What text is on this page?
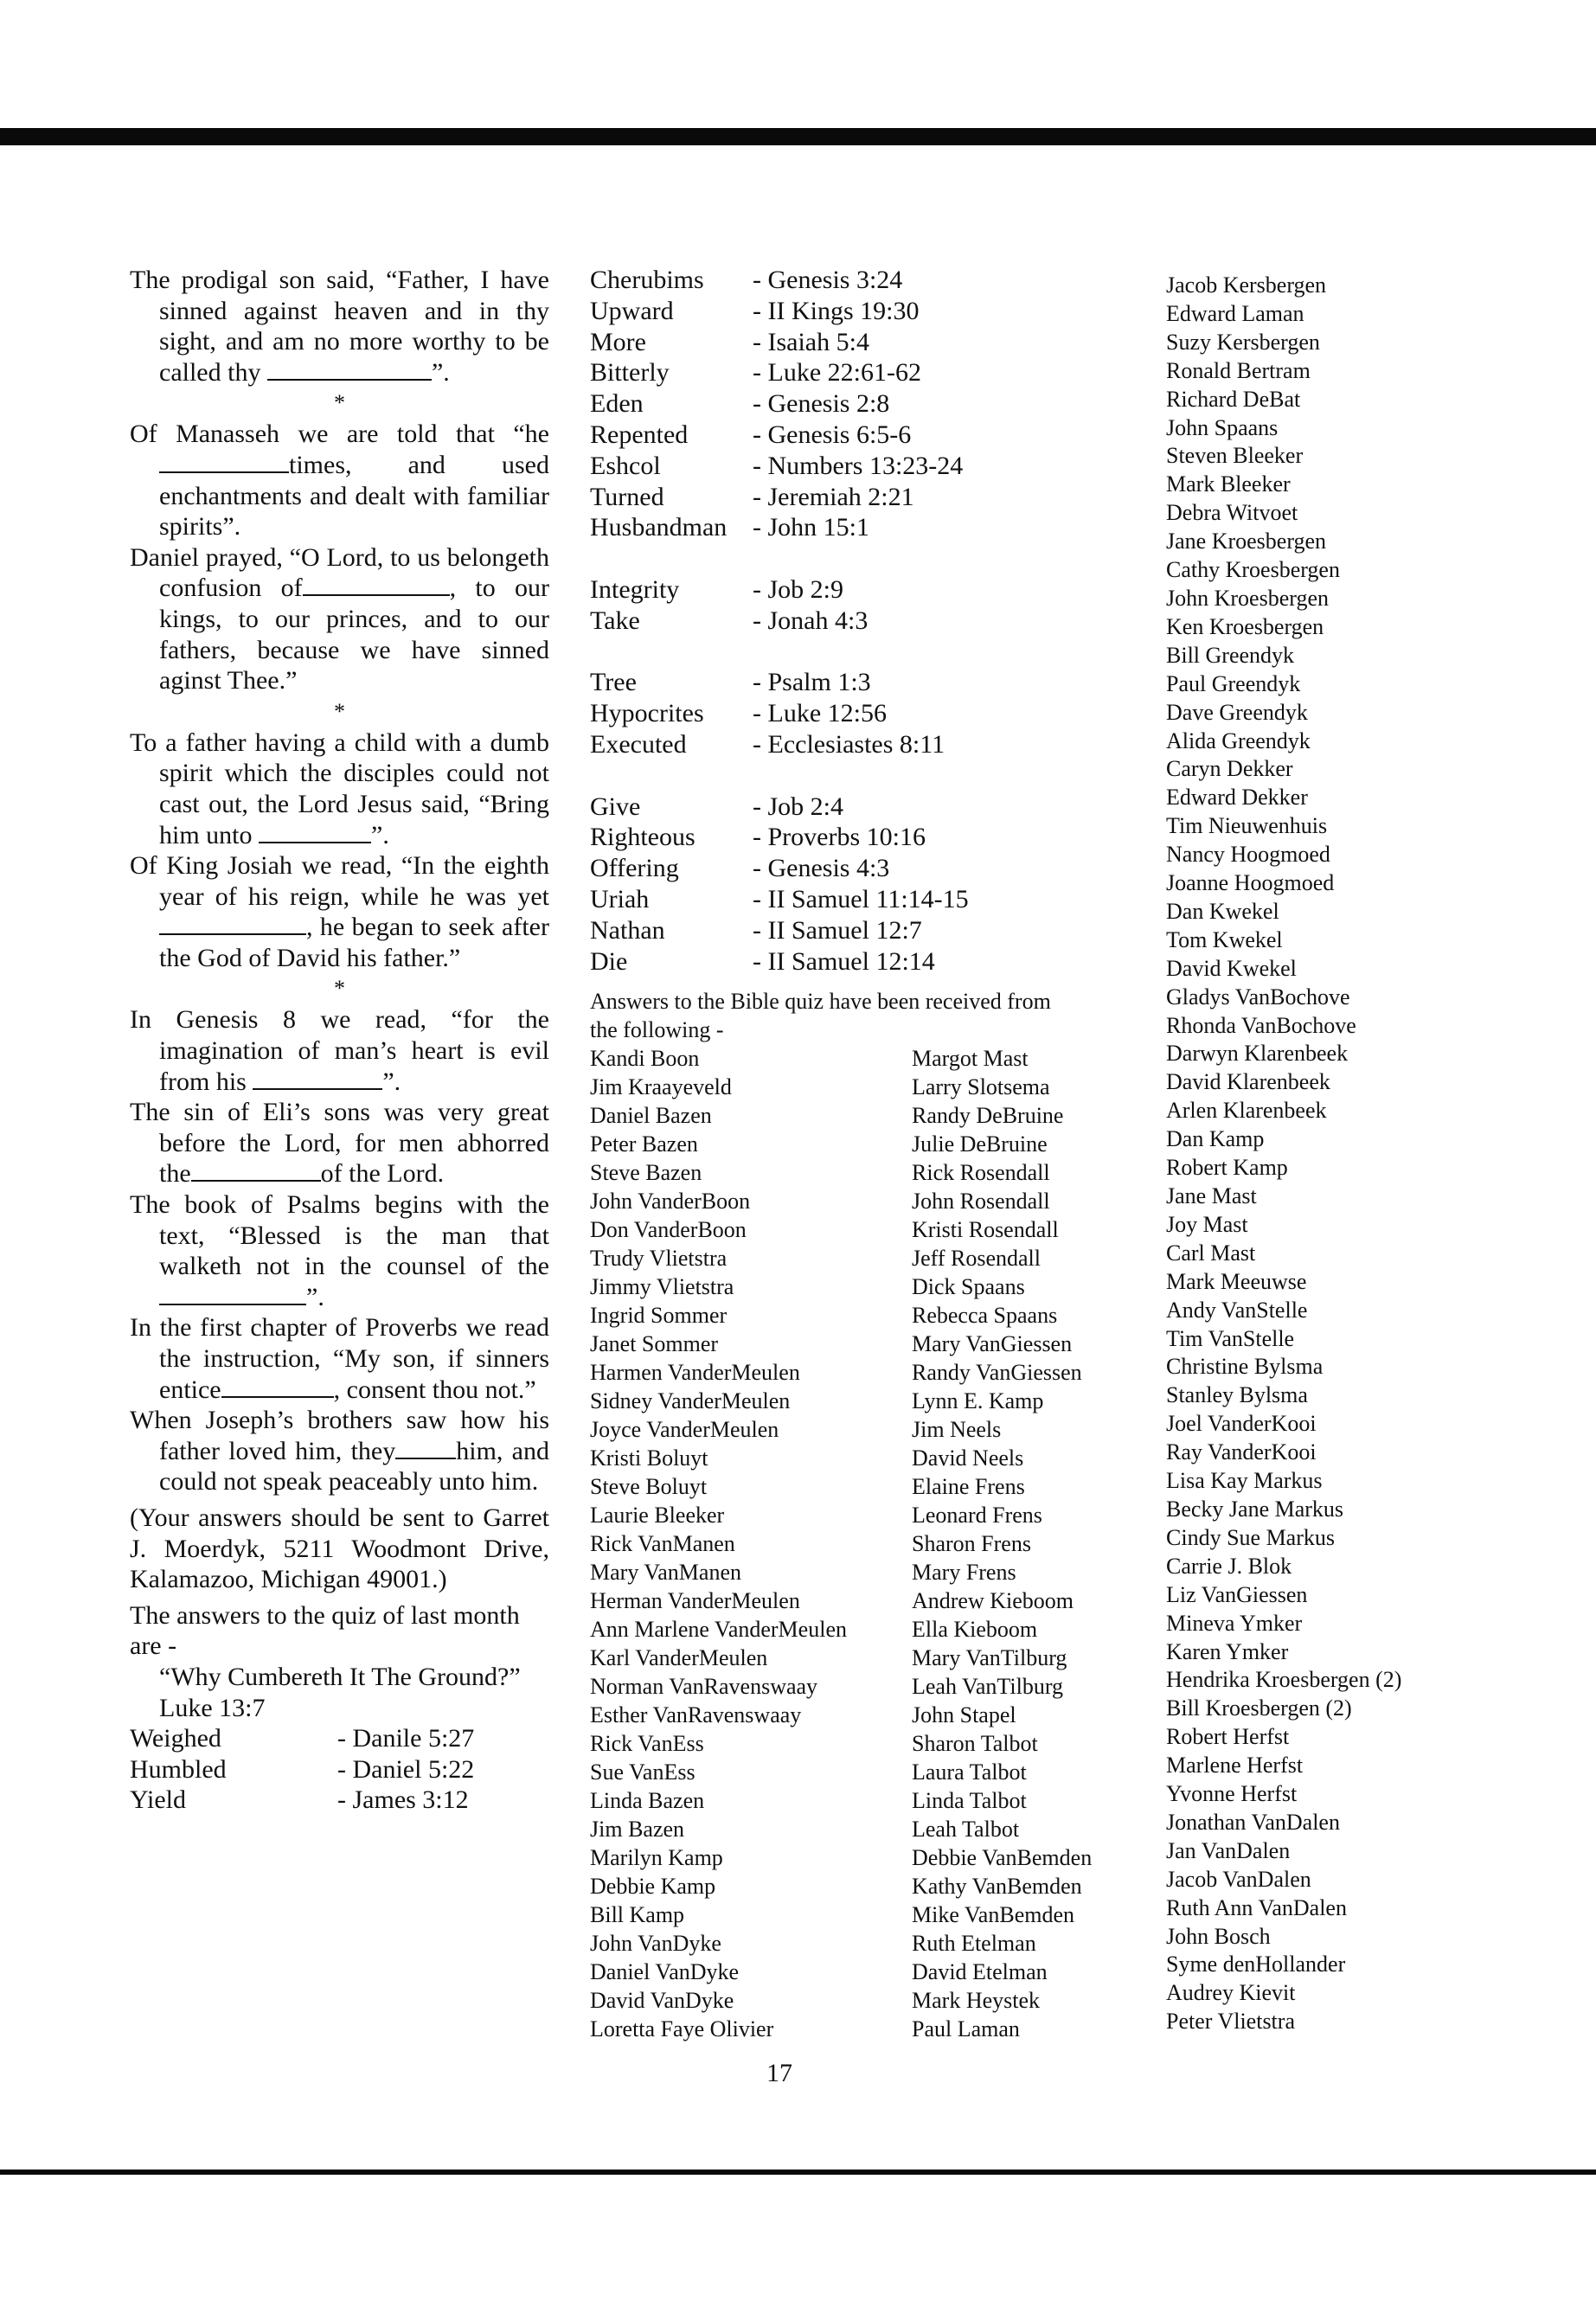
The prodigal son said, “Father, I have sinned against heaven and in thy sight, and am no more worthy to be called thy	”.

*

Of Manasseh we are told that “he times, and used enchantments and dealt with familiar spirits”.

Daniel prayed, “O Lord, to us belongeth confusion of	, to our kings, to our princes, and to our fathers, because we have sinned aginst Thee.”

*

To a father having a child with a dumb spirit which the disciples could not cast out, the Lord Jesus said, “Bring him unto	”.

Of King Josiah we read, “In the eighth year of his reign, while he was yet, he began to seek after the God of David his father.”

*

In Genesis 8 we read, “for the imagination of man’s heart is evil from his	”.

The sin of Eli’s sons was very great before the Lord, for men abhorred the	of the Lord.

The book of Psalms begins with the text, “Blessed is the man that walketh not in the counsel of the”.

In the first chapter of Proverbs we read the instruction, “My son, if sinners entice	, consent thou not.”

When Joseph’s brothers saw how his father loved him, they him, and could not speak peaceably unto him.

(Your answers should be sent to Garret J. Moerdyk, 5211 Woodmont Drive, Kalamazoo, Michigan 49001.)

The answers to the quiz of last month are -
“Why Cumbereth It The Ground?” Luke 13:7
Weighed	- Danile 5:27
Humbled	- Daniel 5:22
Yield	- James 3:12
Cherubims	- Genesis 3:24
Upward	- II Kings 19:30
More	- Isaiah 5:4
Bitterly	- Luke 22:61-62
Eden	- Genesis 2:8
Repented	- Genesis 6:5-6
Eshcol	- Numbers 13:23-24
Turned	- Jeremiah 2:21
Husbandman - John 15:1
Integrity	- Job 2:9
Take	- Jonah 4:3
Tree	- Psalm 1:3
Hypocrites	- Luke 12:56
Executed	- Ecclesiastes 8:11
Give	- Job 2:4
Righteous	- Proverbs 10:16
Offering	- Genesis 4:3
Uriah	- II Samuel 11:14-15
Nathan	- II Samuel 12:7
Die	- II Samuel 12:14
Answers to the Bible quiz have been received from the following -
Kandi Boon
Jim Kraayeveld
Daniel Bazen
Peter Bazen
Steve Bazen
John VanderBoon
Don VanderBoon
Trudy Vlietstra
Jimmy Vlietstra
Ingrid Sommer
Janet Sommer
Harmen VanderMeulen
Sidney VanderMeulen
Joyce VanderMeulen
Kristi Boluyt
Steve Boluyt
Laurie Bleeker
Rick VanManen
Mary VanManen
Herman VanderMeulen
Ann Marlene VanderMeulen
Karl VanderMeulen
Norman VanRavenswaay
Esther VanRavenswaay
Rick VanEss
Sue VanEss
Linda Bazen
Jim Bazen
Marilyn Kamp
Debbie Kamp
Bill Kamp
John VanDyke
Daniel VanDyke
David VanDyke
Loretta Faye Olivier
Margot Mast
Larry Slotsema
Randy DeBruine
Julie DeBruine
Rick Rosendall
John Rosendall
Kristi Rosendall
Jeff Rosendall
Dick Spaans
Rebecca Spaans
Mary VanGiessen
Randy VanGiessen
Lynn E. Kamp
Jim Neels
David Neels
Elaine Frens
Leonard Frens
Sharon Frens
Mary Frens
Andrew Kieboom
Ella Kieboom
Mary VanTilburg
Leah VanTilburg
John Stapel
Sharon Talbot
Laura Talbot
Linda Talbot
Leah Talbot
Debbie VanBemden
Kathy VanBemden
Mike VanBemden
Ruth Etelman
David Etelman
Mark Heystek
Paul Laman
Jacob Kersbergen
Edward Laman
Suzy Kersbergen
Ronald Bertram
Richard DeBat
John Spaans
Steven Bleeker
Mark Bleeker
Debra Witvoet
Jane Kroesbergen
Cathy Kroesbergen
John Kroesbergen
Ken Kroesbergen
Bill Greendyk
Paul Greendyk
Dave Greendyk
Alida Greendyk
Caryn Dekker
Edward Dekker
Tim Nieuwenhuis
Nancy Hoogmoed
Joanne Hoogmoed
Dan Kwekel
Tom Kwekel
David Kwekel
Gladys VanBochove
Rhonda VanBochove
Darwyn Klarenbeek
David Klarenbeek
Arlen Klarenbeek
Dan Kamp
Robert Kamp
Jane Mast
Joy Mast
Carl Mast
Mark Meeuwse
Andy VanStelle
Tim VanStelle
Christine Bylsma
Stanley Bylsma
Joel VanderKooi
Ray VanderKooi
Lisa Kay Markus
Becky Jane Markus
Cindy Sue Markus
Carrie J. Blok
Liz VanGiessen
Mineva Ymker
Karen Ymker
Hendrika Kroesbergen (2)
Bill Kroesbergen (2)
Robert Herfst
Marlene Herfst
Yvonne Herfst
Jonathan VanDalen
Jan VanDalen
Jacob VanDalen
Ruth Ann VanDalen
John Bosch
Syme denHollander
Audrey Kievit
Peter Vlietstra
17
